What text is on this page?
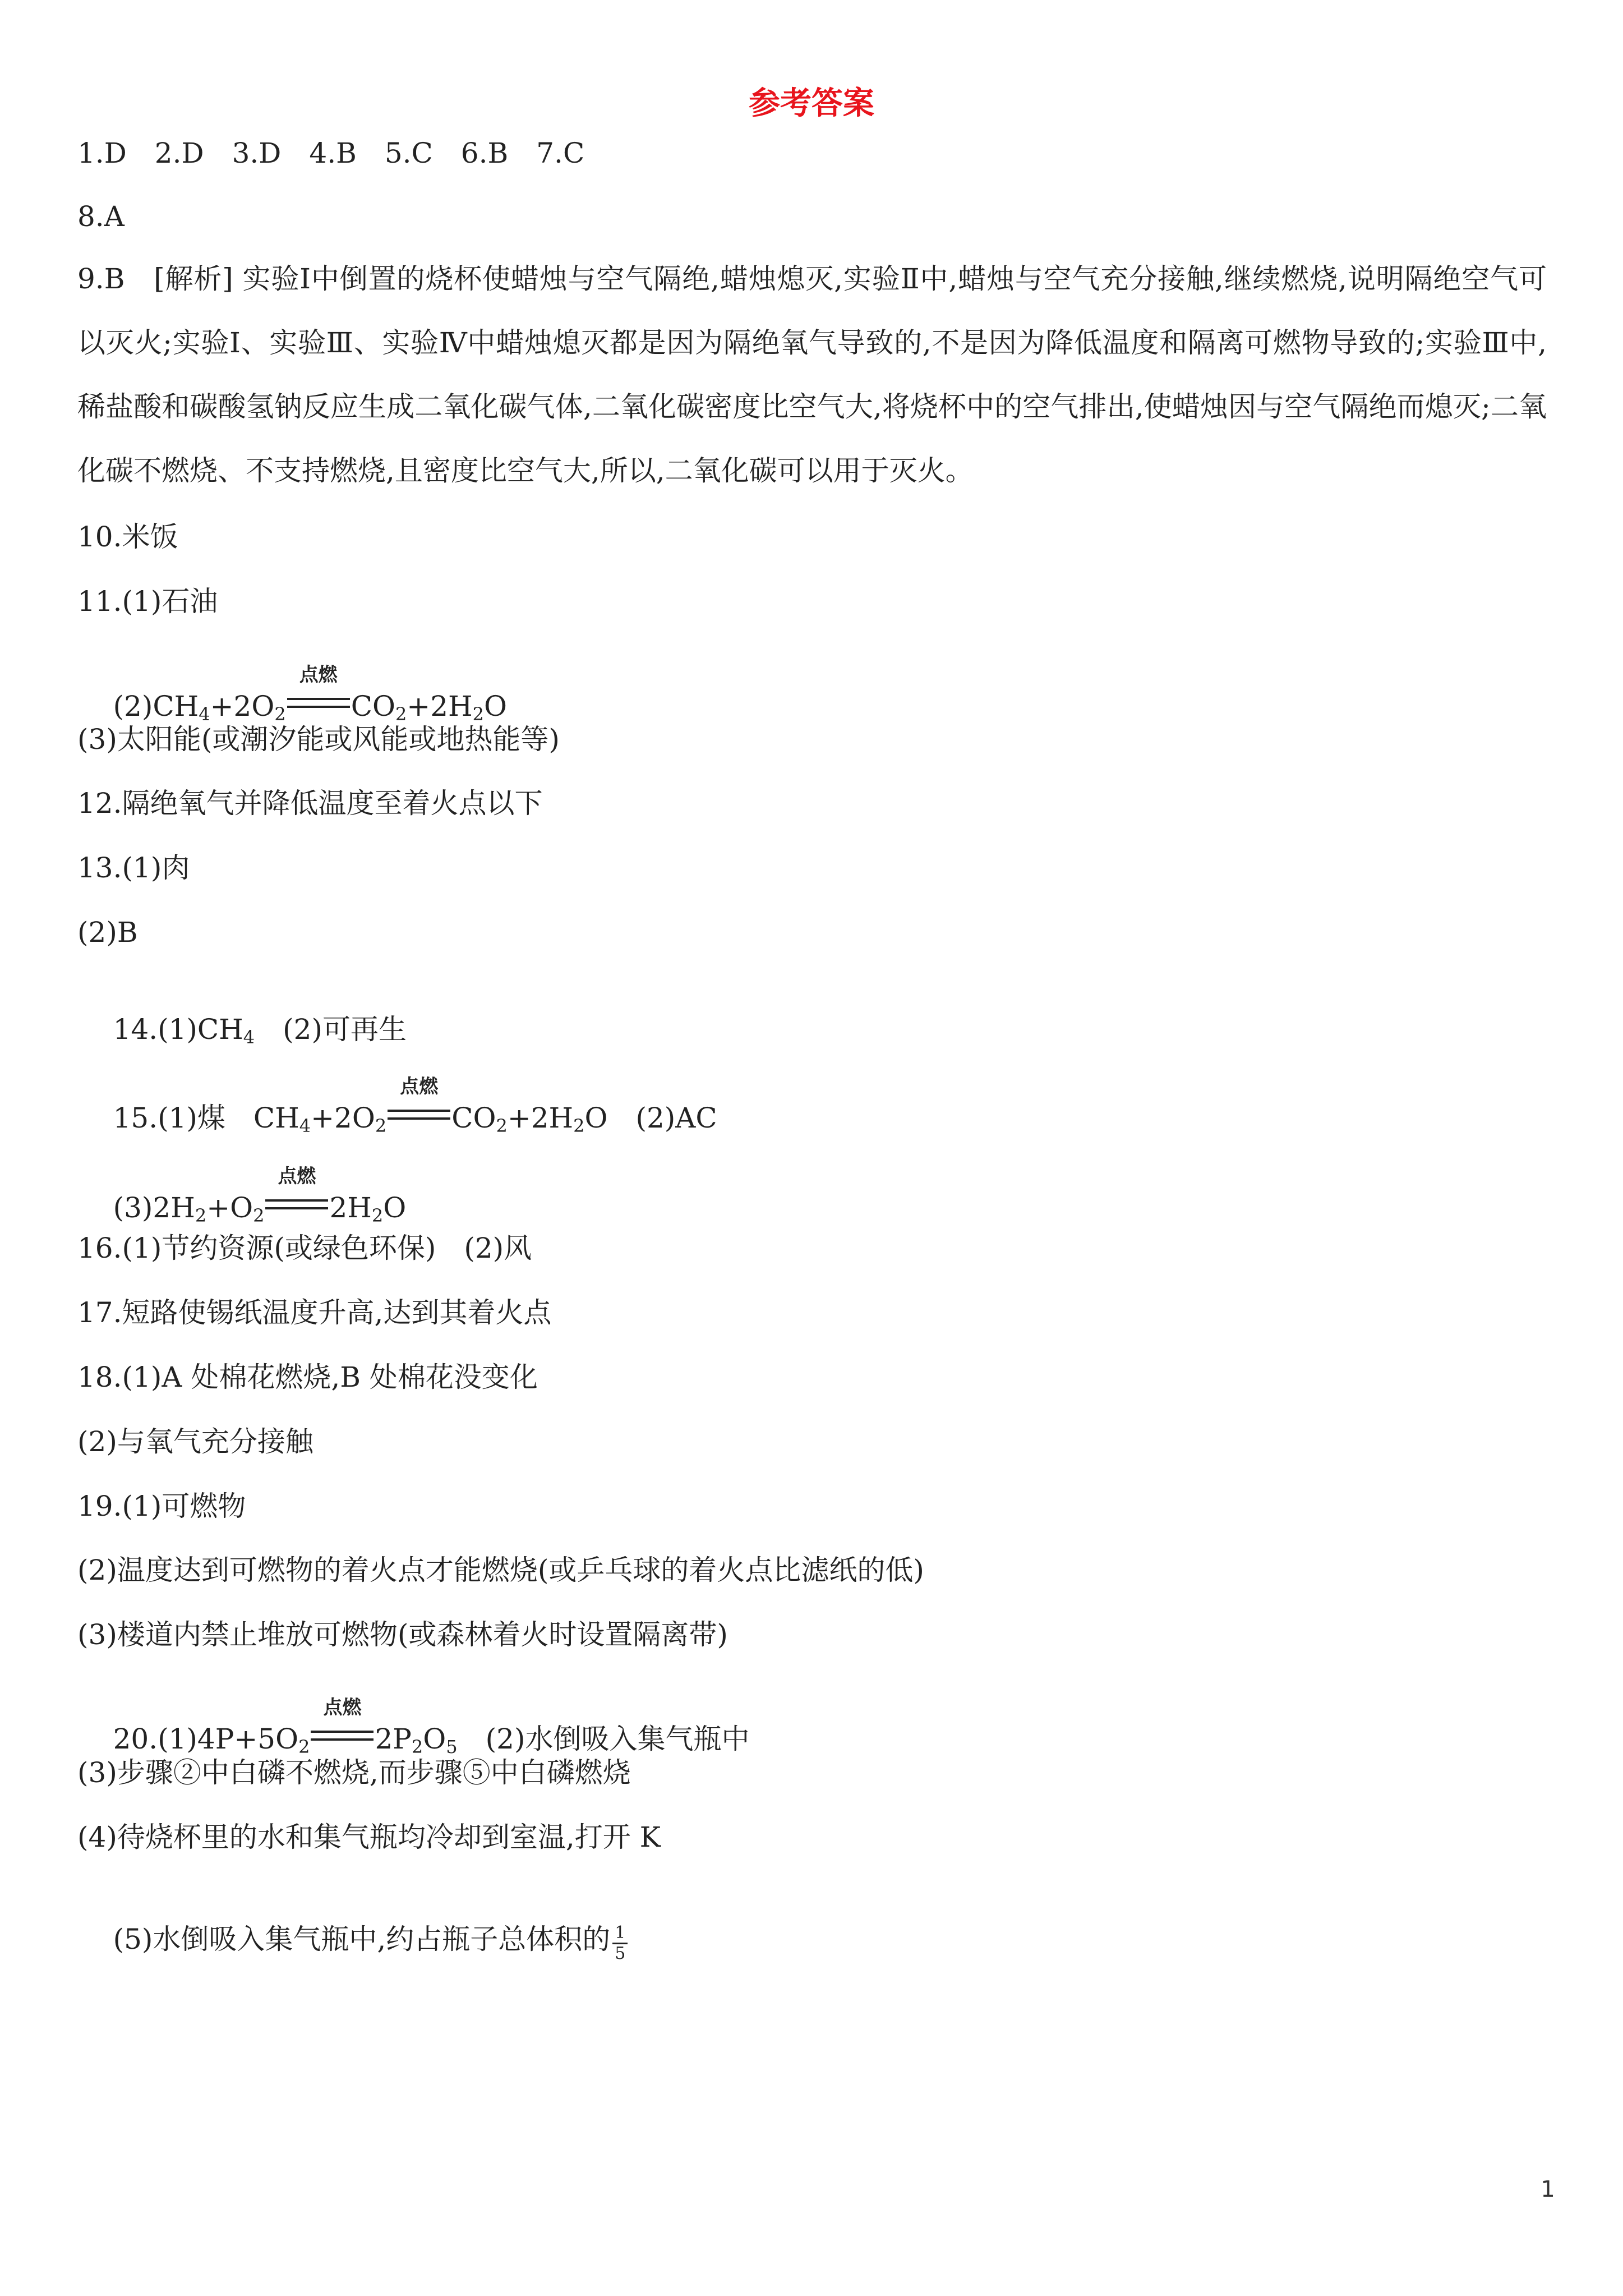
参考答案
1.D　2.D　3.D　4.B　5.C　6.B　7.C
8.A
9.B　[解析] 实验Ⅰ中倒置的烧杯使蜡烛与空气隔绝,蜡烛熄灭,实验Ⅱ中,蜡烛与空气充分接触,继续燃烧,说明隔绝空气可以灭火;实验Ⅰ、实验Ⅲ、实验Ⅳ中蜡烛熄灭都是因为隔绝氧气导致的,不是因为降低温度和隔离可燃物导致的;实验Ⅲ中,稀盐酸和碳酸氢钠反应生成二氧化碳气体,二氧化碳密度比空气大,将烧杯中的空气排出,使蜡烛因与空气隔绝而熄灭;二氧化碳不燃烧、不支持燃烧,且密度比空气大,所以,二氧化碳可以用于灭火。
10.米饭
11.(1)石油

$(2)CH_4+2O_2$
点燃
$CO_2+2H_2O$

(3)太阳能(或潮汐能或风能或地热能等)
12.隔绝氧气并降低温度至着火点以下
13.(1)肉
(2)B

$14.(1)CH_4$　(2)可再生

15.(1)煤　$CH_4+2O_2$
点燃
$CO_2+2H_2O$　(2)AC

$(3)2H_2+O_2$
点燃
$2H_2O$

16.(1)节约资源(或绿色环保)　(2)风
17.短路使锡纸温度升高,达到其着火点
18.(1)A 处棉花燃烧,B 处棉花没变化
(2)与氧气充分接触
19.(1)可燃物
(2)温度达到可燃物的着火点才能燃烧(或乒乓球的着火点比滤纸的低)
(3)楼道内禁止堆放可燃物(或森林着火时设置隔离带)

$20.(1)4P+5O_2$
点燃
$2P_2O_5$　(2)水倒吸入集气瓶中

(3)步骤②中白磷不燃烧,而步骤⑤中白磷燃烧
(4)待烧杯里的水和集气瓶均冷却到室温,打开 K

(5)水倒吸入集气瓶中,约占瓶子总体积的 $\frac{1}{5}$

1
